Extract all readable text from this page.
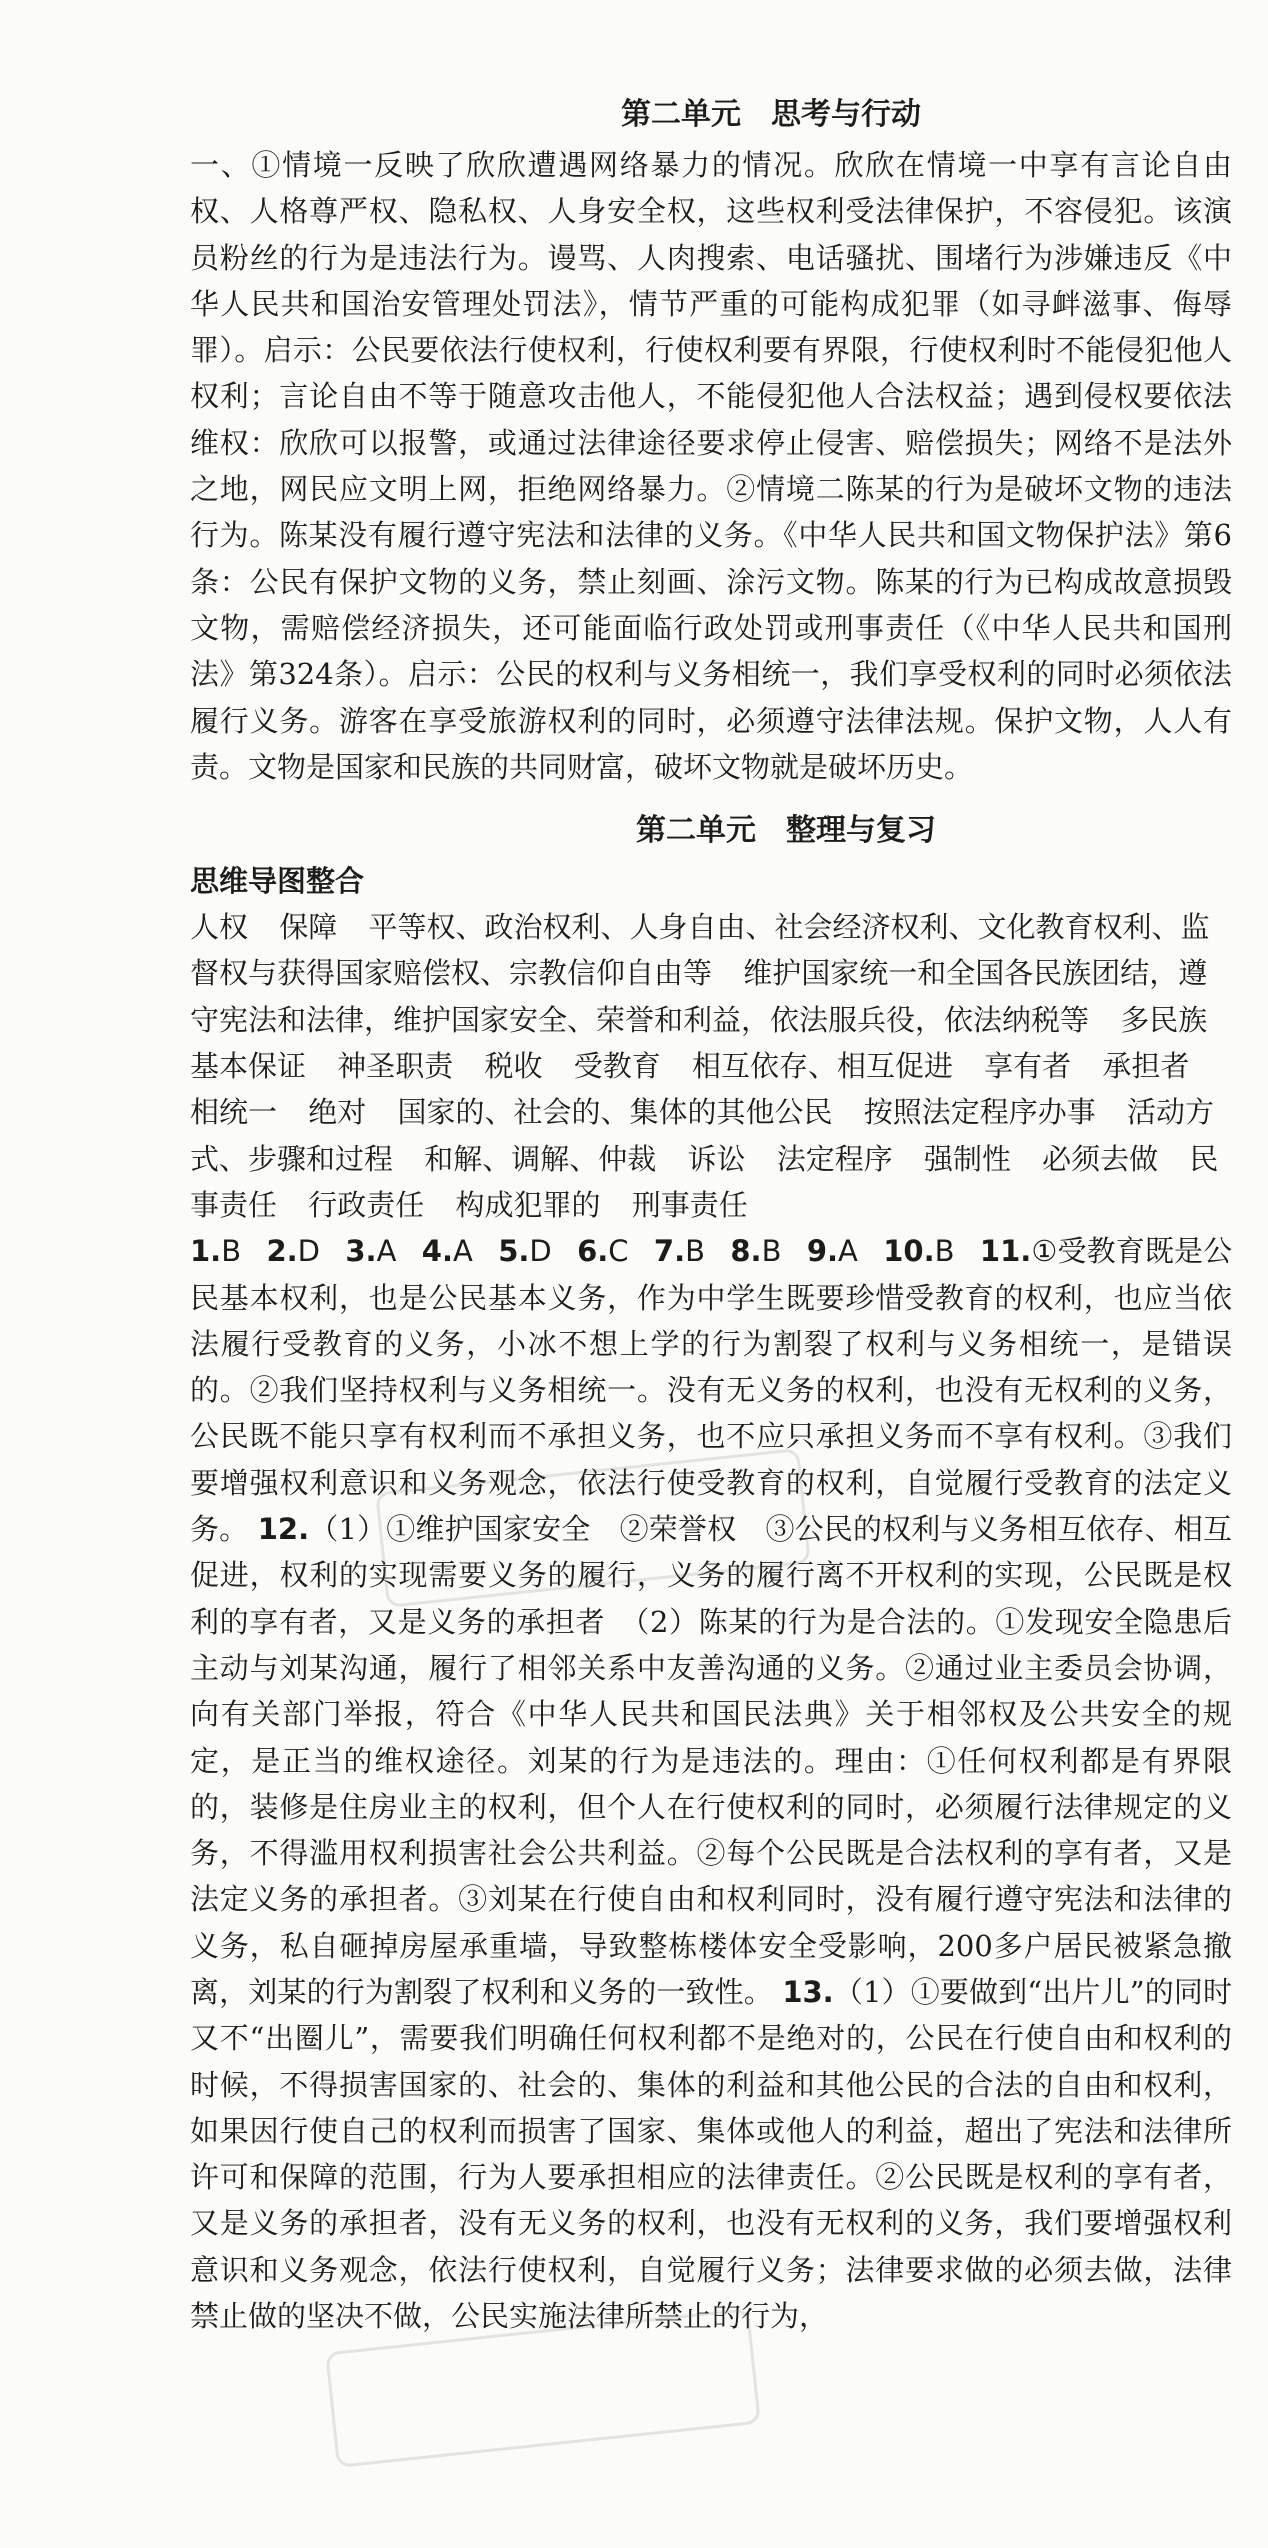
第二单元　思考与行动

一、①情境一反映了欣欣遭遇网络暴力的情况。欣欣在情境一中享有言论自由权、人格尊严权、隐私权、人身安全权，这些权利受法律保护，不容侵犯。该演员粉丝的行为是违法行为。谩骂、人肉搜索、电话骚扰、围堵行为涉嫌违反《中华人民共和国治安管理处罚法》，情节严重的可能构成犯罪（如寻衅滋事、侮辱罪）。启示：公民要依法行使权利，行使权利要有界限，行使权利时不能侵犯他人权利；言论自由不等于随意攻击他人，不能侵犯他人合法权益；遇到侵权要依法维权：欣欣可以报警，或通过法律途径要求停止侵害、赔偿损失；网络不是法外之地，网民应文明上网，拒绝网络暴力。②情境二陈某的行为是破坏文物的违法行为。陈某没有履行遵守宪法和法律的义务。《中华人民共和国文物保护法》第6条：公民有保护文物的义务，禁止刻画、涂污文物。陈某的行为已构成故意损毁文物，需赔偿经济损失，还可能面临行政处罚或刑事责任（《中华人民共和国刑法》第324条）。启示：公民的权利与义务相统一，我们享受权利的同时必须依法履行义务。游客在享受旅游权利的同时，必须遵守法律法规。保护文物，人人有责。文物是国家和民族的共同财富，破坏文物就是破坏历史。

第二单元　整理与复习
思维导图整合

人权 保障 平等权、政治权利、人身自由、社会经济权利、文化教育权利、监督权与获得国家赔偿权、宗教信仰自由等 维护国家统一和全国各民族团结，遵守宪法和法律，维护国家安全、荣誉和利益，依法服兵役，依法纳税等 多民族 基本保证 神圣职责 税收 受教育 相互依存、相互促进 享有者 承担者 相统一 绝对 国家的、社会的、集体的其他公民 按照法定程序办事 活动方式、步骤和过程 和解、调解、仲裁 诉讼 法定程序 强制性 必须去做 民事责任 行政责任 构成犯罪的 刑事责任

1.B 2.D 3.A 4.A 5.D 6.C 7.B 8.B 9.A 10.B 11.①受教育既是公民基本权利，也是公民基本义务，作为中学生既要珍惜受教育的权利，也应当依法履行受教育的义务，小冰不想上学的行为割裂了权利与义务相统一，是错误的。②我们坚持权利与义务相统一。没有无义务的权利，也没有无权利的义务，公民既不能只享有权利而不承担义务，也不应只承担义务而不享有权利。③我们要增强权利意识和义务观念，依法行使受教育的权利，自觉履行受教育的法定义务。 12.（1）①维护国家安全　②荣誉权　③公民的权利与义务相互依存、相互促进，权利的实现需要义务的履行，义务的履行离不开权利的实现，公民既是权利的享有者，又是义务的承担者　（2）陈某的行为是合法的。①发现安全隐患后主动与刘某沟通，履行了相邻关系中友善沟通的义务。②通过业主委员会协调，向有关部门举报，符合《中华人民共和国民法典》关于相邻权及公共安全的规定，是正当的维权途径。刘某的行为是违法的。理由：①任何权利都是有界限的，装修是住房业主的权利，但个人在行使权利的同时，必须履行法律规定的义务，不得滥用权利损害社会公共利益。②每个公民既是合法权利的享有者，又是法定义务的承担者。③刘某在行使自由和权利同时，没有履行遵守宪法和法律的义务，私自砸掉房屋承重墙，导致整栋楼体安全受影响，200多户居民被紧急撤离，刘某的行为割裂了权利和义务的一致性。 13.（1）①要做到“出片儿”的同时又不“出圈儿”，需要我们明确任何权利都不是绝对的，公民在行使自由和权利的时候，不得损害国家的、社会的、集体的利益和其他公民的合法的自由和权利，如果因行使自己的权利而损害了国家、集体或他人的利益，超出了宪法和法律所许可和保障的范围，行为人要承担相应的法律责任。②公民既是权利的享有者，又是义务的承担者，没有无义务的权利，也没有无权利的义务，我们要增强权利意识和义务观念，依法行使权利，自觉履行义务；法律要求做的必须去做，法律禁止做的坚决不做，公民实施法律所禁止的行为，
